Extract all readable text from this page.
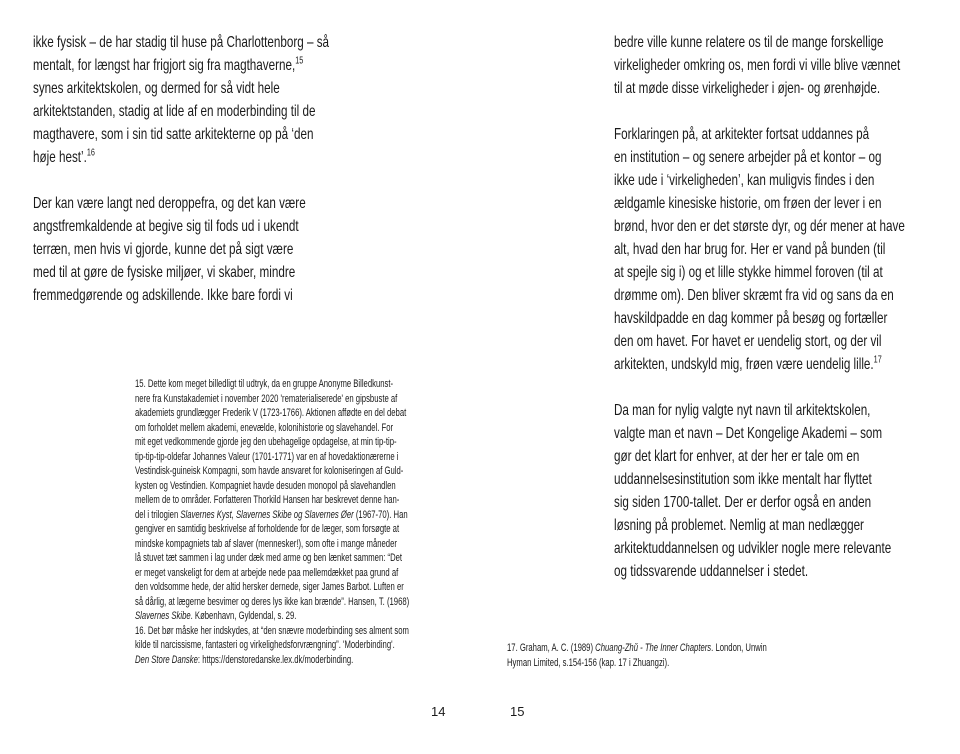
ikke fysisk – de har stadig til huse på Charlottenborg – så
mentalt, for længst har frigjort sig fra magthaverne,$^{15}$
synes arkitektskolen, og dermed for så vidt hele
arkitektstanden, stadig at lide af en moderbinding til de
magthavere, som i sin tid satte arkitekterne op på ‘den
høje hest’.$^{16}$
Der kan være langt ned deroppefra, og det kan være
angstfremkaldende at begive sig til fods ud i ukendt
terræn, men hvis vi gjorde, kunne det på sigt være
med til at gøre de fysiske miljøer, vi skaber, mindre
fremmedgørende og adskillende. Ikke bare fordi vi
15. Dette kom meget billedligt til udtryk, da en gruppe Anonyme Billedkunst-
nere fra Kunstakademiet i november 2020 'rematerialiserede' en gipsbuste af
akademiets grundlægger Frederik V (1723-1766). Aktionen affødte en del debat
om forholdet mellem akademi, enevælde, kolonihistorie og slavehandel. For
mit eget vedkommende gjorde jeg den ubehagelige opdagelse, at min tip-tip-
tip-tip-tip-oldefar Johannes Valeur (1701-1771) var en af hovedaktionærerne i
Vestindisk-guineisk Kompagni, som havde ansvaret for koloniseringen af Guld-
kysten og Vestindien. Kompagniet havde desuden monopol på slavehandlen
mellem de to områder. Forfatteren Thorkild Hansen har beskrevet denne han-
del i trilogien Slavernes Kyst, Slavernes Skibe og Slavernes Øer (1967-70). Han
gengiver en samtidig beskrivelse af forholdende for de læger, som forsøgte at
mindske kompagniets tab af slaver (mennesker!), som ofte i mange måneder
lå stuvet tæt sammen i lag under dæk med arme og ben lænket sammen: “Det
er meget vanskeligt for dem at arbejde nede paa mellemdækket paa grund af
den voldsomme hede, der altid hersker dernede, siger James Barbot. Luften er
så dårlig, at lægerne besvimer og deres lys ikke kan brænde”. Hansen, T. (1968)
Slavernes Skibe. København, Gyldendal, s. 29.
16. Det bør måske her indskydes, at “den snævre moderbinding ses alment som
kilde til narcissisme, fantasteri og virkelighedsforvrængning”. 'Moderbinding'.
Den Store Danske: https://denstoredanske.lex.dk/moderbinding.
14
bedre ville kunne relatere os til de mange forskellige
virkeligheder omkring os, men fordi vi ville blive vænnet
til at møde disse virkeligheder i øjen- og ørenhøjde.
Forklaringen på, at arkitekter fortsat uddannes på
en institution – og senere arbejder på et kontor – og
ikke ude i ‘virkeligheden’, kan muligvis findes i den
ældgamle kinesiske historie, om frøen der lever i en
brønd, hvor den er det største dyr, og dér mener at have
alt, hvad den har brug for. Her er vand på bunden (til
at spejle sig i) og et lille stykke himmel foroven (til at
drømme om). Den bliver skræmt fra vid og sans da en
havskildpadde en dag kommer på besøg og fortæller
den om havet. For havet er uendelig stort, og der vil
arkitekten, undskyld mig, frøen være uendelig lille.$^{17}$
Da man for nylig valgte nyt navn til arkitektskolen,
valgte man et navn – Det Kongelige Akademi – som
gør det klart for enhver, at der her er tale om en
uddannelsesinstitution som ikke mentalt har flyttet
sig siden 1700-tallet. Der er derfor også en anden
løsning på problemet. Nemlig at man nedlægger
arkitektuddannelsen og udvikler nogle mere relevante
og tidssvarende uddannelser i stedet.
17. Graham, A. C. (1989) Chuang-Zhŭ - The Inner Chapters. London, Unwin
Hyman Limited, s.154-156 (kap. 17 i Zhuangzi).
15
